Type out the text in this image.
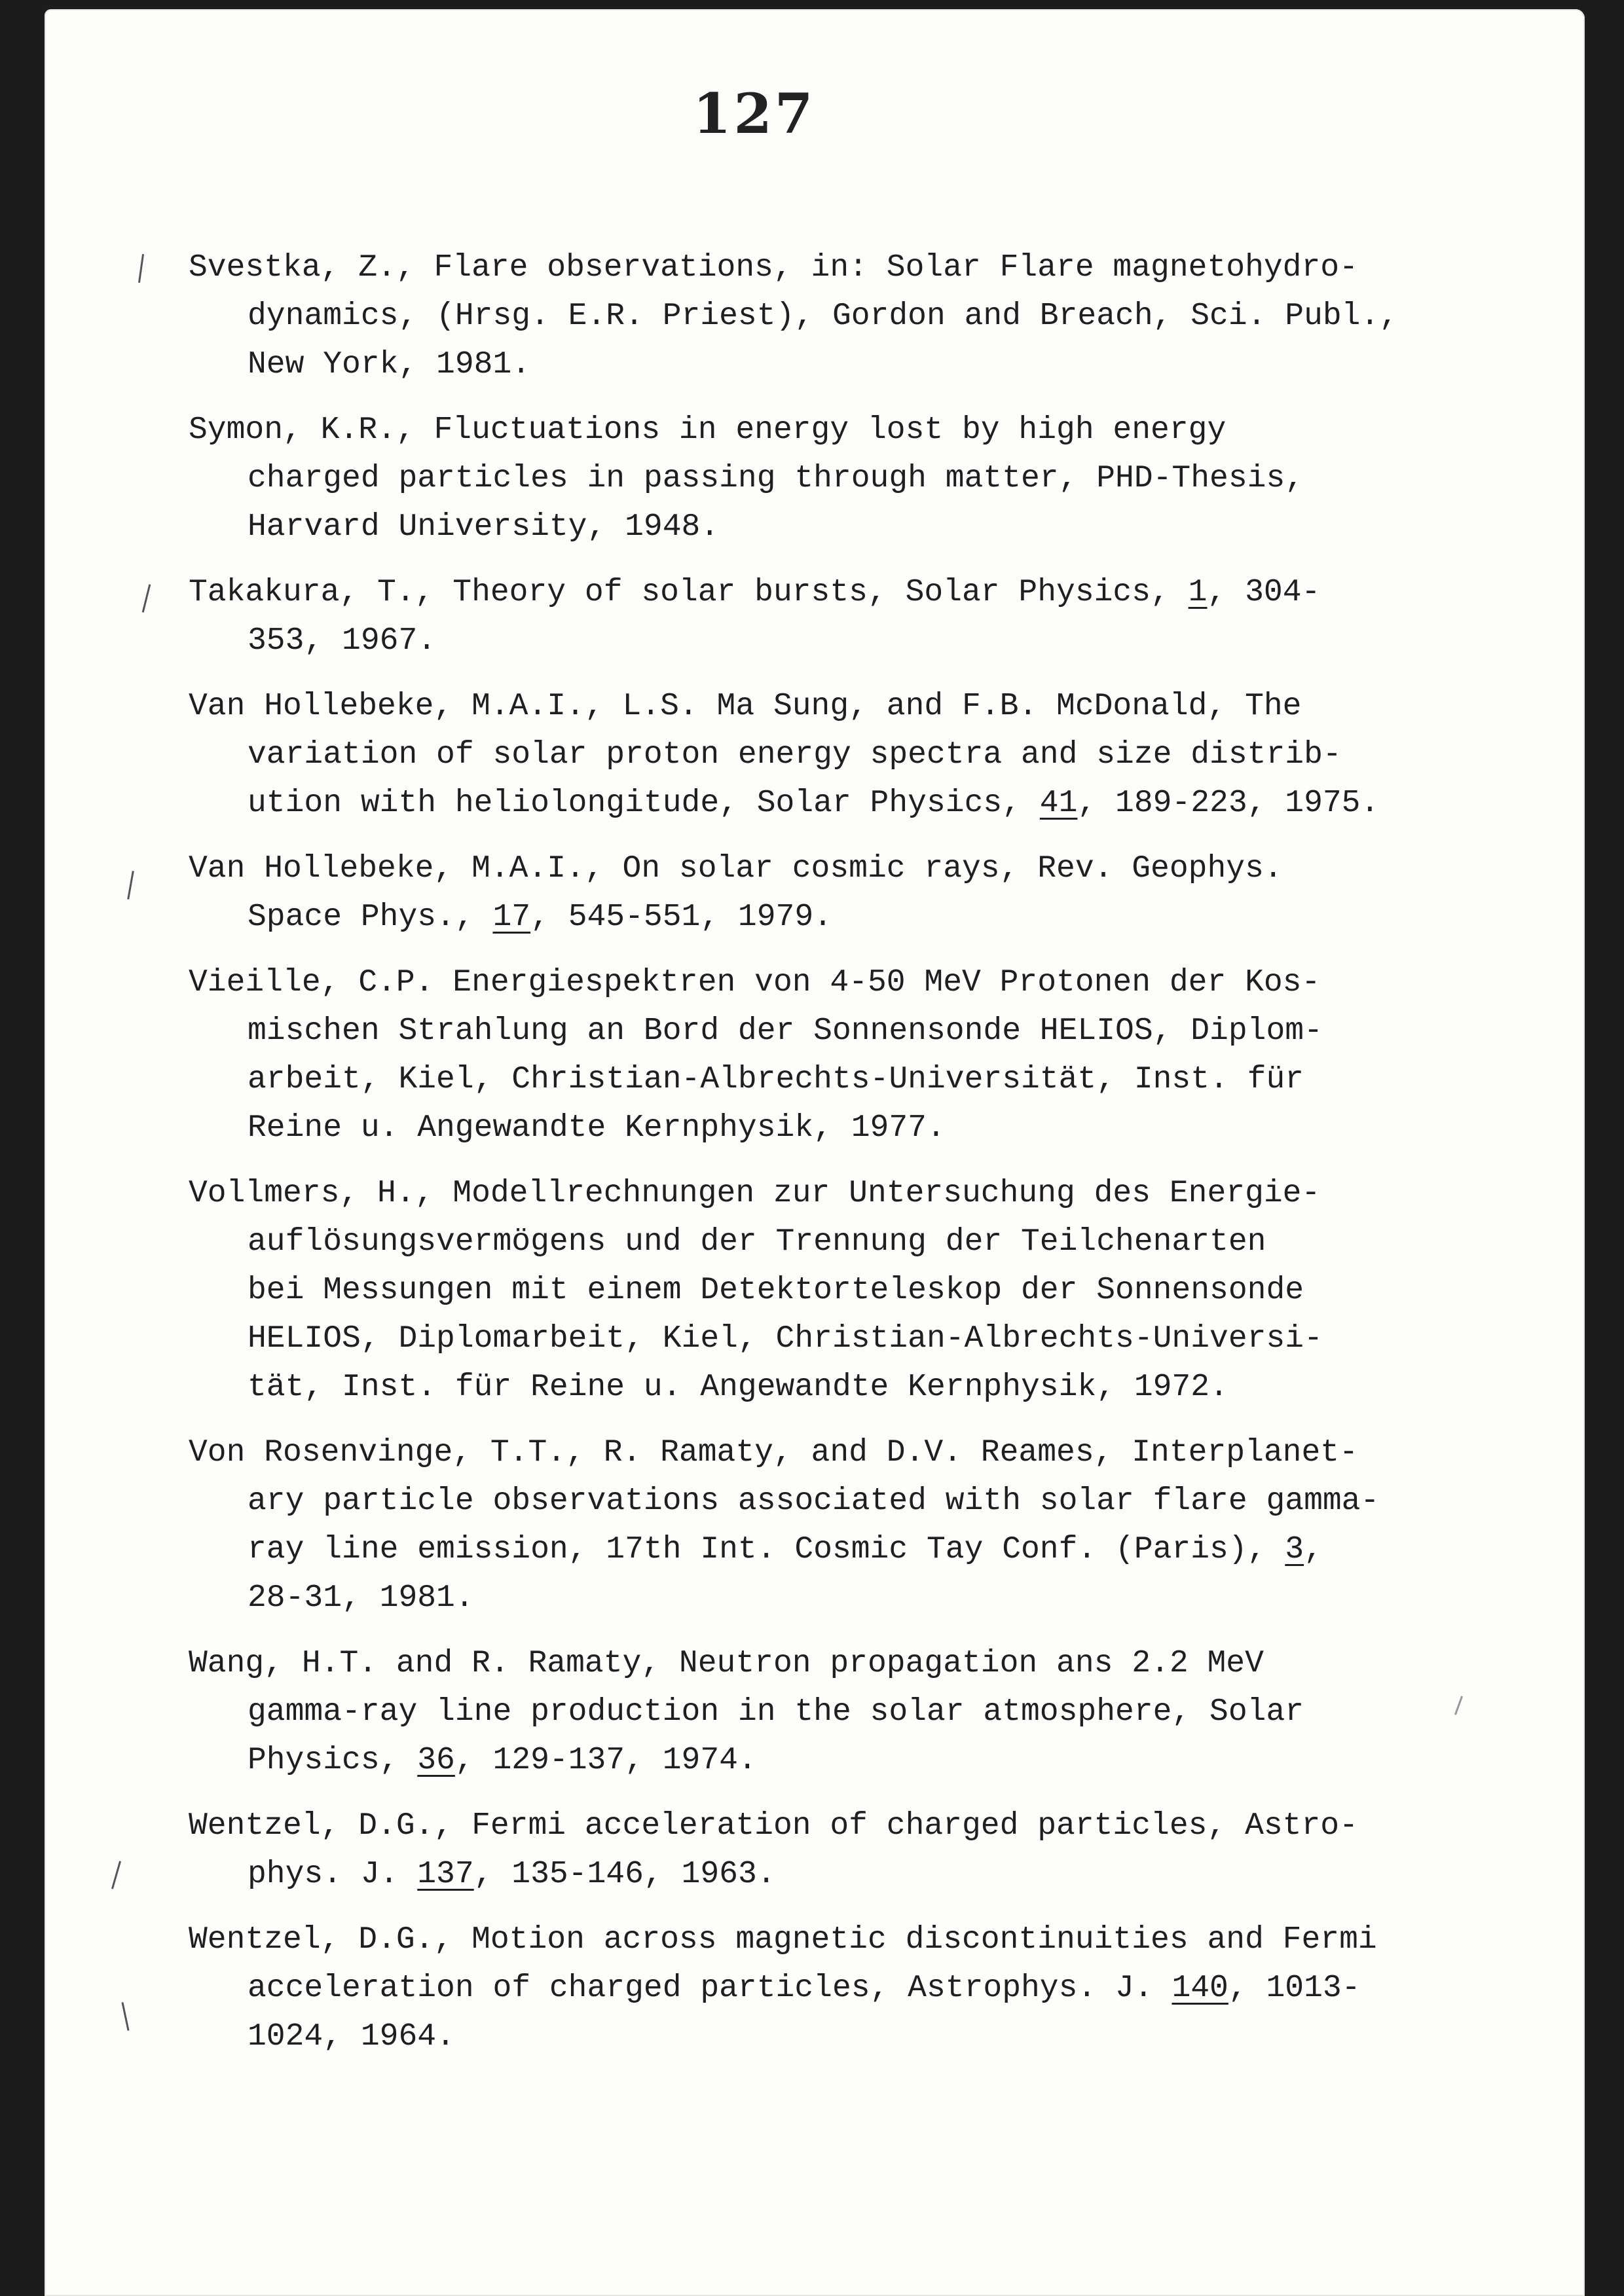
127
Svestka, Z., Flare observations, in: Solar Flare magnetohydro-
dynamics, (Hrsg. E.R. Priest), Gordon and Breach, Sci. Publ.,
New York, 1981.
Symon, K.R., Fluctuations in energy lost by high energy
charged particles in passing through matter, PHD-Thesis,
Harvard University, 1948.
Takakura, T., Theory of solar bursts, Solar Physics, 1, 304-
353, 1967.
Van Hollebeke, M.A.I., L.S. Ma Sung, and F.B. McDonald, The
variation of solar proton energy spectra and size distrib-
ution with heliolongitude, Solar Physics, 41, 189-223, 1975.
Van Hollebeke, M.A.I., On solar cosmic rays, Rev. Geophys.
Space Phys., 17, 545-551, 1979.
Vieille, C.P. Energiespektren von 4-50 MeV Protonen der Kos-
mischen Strahlung an Bord der Sonnensonde HELIOS, Diplom-
arbeit, Kiel, Christian-Albrechts-Universität, Inst. für
Reine u. Angewandte Kernphysik, 1977.
Vollmers, H., Modellrechnungen zur Untersuchung des Energie-
auflösungsvermögens und der Trennung der Teilchenarten
bei Messungen mit einem Detektorteleskop der Sonnensonde
HELIOS, Diplomarbeit, Kiel, Christian-Albrechts-Universi-
tät, Inst. für Reine u. Angewandte Kernphysik, 1972.
Von Rosenvinge, T.T., R. Ramaty, and D.V. Reames, Interplanet-
ary particle observations associated with solar flare gamma-
ray line emission, 17th Int. Cosmic Tay Conf. (Paris), 3,
28-31, 1981.
Wang, H.T. and R. Ramaty, Neutron propagation ans 2.2 MeV
gamma-ray line production in the solar atmosphere, Solar
Physics, 36, 129-137, 1974.
Wentzel, D.G., Fermi acceleration of charged particles, Astro-
phys. J. 137, 135-146, 1963.
Wentzel, D.G., Motion across magnetic discontinuities and Fermi
acceleration of charged particles, Astrophys. J. 140, 1013-
1024, 1964.
